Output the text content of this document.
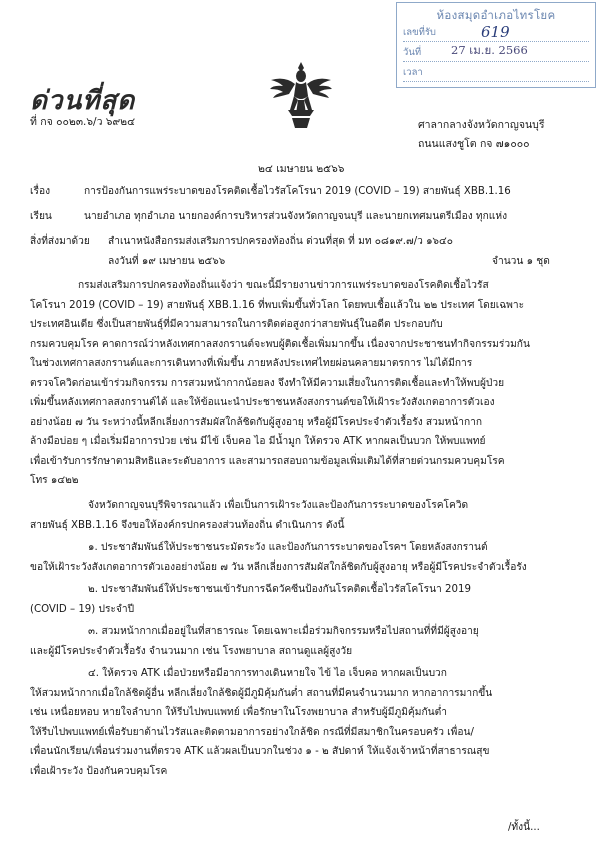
ห้องสมุดอำเภอไทรโยค
เลขที่รับ	619
วันที่	27 เม.ย. 2566
เวลา
ด่วนที่สุด
ที่ กจ ๐๐๒๓.๖/ว ๖๙๒๔	ศาลากลางจังหวัดกาญจนบุรี
ถนนแสงชูโต กจ ๗๑๐๐๐
๒๔ เมษายน ๒๕๖๖
เรื่อง	การป้องกันการแพร่ระบาดของโรคติดเชื้อไวรัสโคโรนา 2019 (COVID – 19) สายพันธุ์ XBB.1.16
เรียน	นายอำเภอ ทุกอำเภอ นายกองค์การบริหารส่วนจังหวัดกาญจนบุรี และนายกเทศมนตรีเมือง ทุกแห่ง
สิ่งที่ส่งมาด้วย สำเนาหนังสือกรมส่งเสริมการปกครองท้องถิ่น ด่วนที่สุด ที่ มท ๐๘๑๙.๗/ว ๑๖๔๐
ลงวันที่ ๑๙ เมษายน ๒๕๖๖	จำนวน ๑ ชุด
กรมส่งเสริมการปกครองท้องถิ่นแจ้งว่า ขณะนี้มีรายงานข่าวการแพร่ระบาดของโรคติดเชื้อไวรัส
โคโรนา 2019 (COVID – 19) สายพันธุ์ XBB.1.16 ที่พบเพิ่มขึ้นทั่วโลก โดยพบเชื้อแล้วใน ๒๒ ประเทศ โดยเฉพาะ
ประเทศอินเดีย ซึ่งเป็นสายพันธุ์ที่มีความสามารถในการติดต่อสูงกว่าสายพันธุ์ในอดีต ประกอบกับ
กรมควบคุมโรค คาดการณ์ว่าหลังเทศกาลสงกรานต์จะพบผู้ติดเชื้อเพิ่มมากขึ้น เนื่องจากประชาชนทำกิจกรรมร่วมกัน
ในช่วงเทศกาลสงกรานต์และการเดินทางที่เพิ่มขึ้น ภายหลังประเทศไทยผ่อนคลายมาตรการ ไม่ได้มีการ
ตรวจโควิดก่อนเข้าร่วมกิจกรรม การสวมหน้ากากน้อยลง จึงทำให้มีความเสี่ยงในการติดเชื้อและทำให้พบผู้ป่วย
เพิ่มขึ้นหลังเทศกาลสงกรานต์ได้ และให้ข้อแนะนำประชาชนหลังสงกรานต์ขอให้เฝ้าระวังสังเกตอาการตัวเอง
อย่างน้อย ๗ วัน ระหว่างนี้หลีกเลี่ยงการสัมผัสใกล้ชิดกับผู้สูงอายุ หรือผู้มีโรคประจำตัวเรื้อรัง สวมหน้ากาก
ล้างมือบ่อย ๆ เมื่อเริ่มมีอาการป่วย เช่น มีไข้ เจ็บคอ ไอ มีน้ำมูก ให้ตรวจ ATK หากผลเป็นบวก ให้พบแพทย์
เพื่อเข้ารับการรักษาตามสิทธิและระดับอาการ และสามารถสอบถามข้อมูลเพิ่มเติมได้ที่สายด่วนกรมควบคุมโรค
โทร ๑๔๒๒
จังหวัดกาญจนบุรีพิจารณาแล้ว เพื่อเป็นการเฝ้าระวังและป้องกันการระบาดของโรคโควิด
สายพันธุ์ XBB.1.16 จึงขอให้องค์กรปกครองส่วนท้องถิ่น ดำเนินการ ดังนี้
๑. ประชาสัมพันธ์ให้ประชาชนระมัดระวัง และป้องกันการระบาดของโรคฯ โดยหลังสงกรานต์
ขอให้เฝ้าระวังสังเกตอาการตัวเองอย่างน้อย ๗ วัน หลีกเลี่ยงการสัมผัสใกล้ชิดกับผู้สูงอายุ หรือผู้มีโรคประจำตัวเรื้อรัง
๒. ประชาสัมพันธ์ให้ประชาชนเข้ารับการฉีดวัคซีนป้องกันโรคติดเชื้อไวรัสโคโรนา 2019
(COVID – 19) ประจำปี
๓. สวมหน้ากากเมื่ออยู่ในที่สาธารณะ โดยเฉพาะเมื่อร่วมกิจกรรมหรือไปสถานที่ที่มีผู้สูงอายุ
และผู้มีโรคประจำตัวเรื้อรัง จำนวนมาก เช่น โรงพยาบาล สถานดูแลผู้สูงวัย
๔. ให้ตรวจ ATK เมื่อป่วยหรือมีอาการทางเดินหายใจ ไข้ ไอ เจ็บคอ หากผลเป็นบวก
ให้สวมหน้ากากเมื่อใกล้ชิดผู้อื่น หลีกเลี่ยงใกล้ชิดผู้มีภูมิคุ้มกันต่ำ สถานที่มีคนจำนวนมาก หากอาการมากขึ้น
เช่น เหนื่อยหอบ หายใจลำบาก ให้รีบไปพบแพทย์ เพื่อรักษาในโรงพยาบาล สำหรับผู้มีภูมิคุ้มกันต่ำ
ให้รีบไปพบแพทย์เพื่อรับยาต้านไวรัสและติดตามอาการอย่างใกล้ชิด กรณีที่มีสมาชิกในครอบครัว เพื่อน/
เพื่อนนักเรียน/เพื่อนร่วมงานที่ตรวจ ATK แล้วผลเป็นบวกในช่วง ๑ - ๒ สัปดาห์ ให้แจ้งเจ้าหน้าที่สาธารณสุข
เพื่อเฝ้าระวัง ป้องกันควบคุมโรค
/ทั้งนี้...
